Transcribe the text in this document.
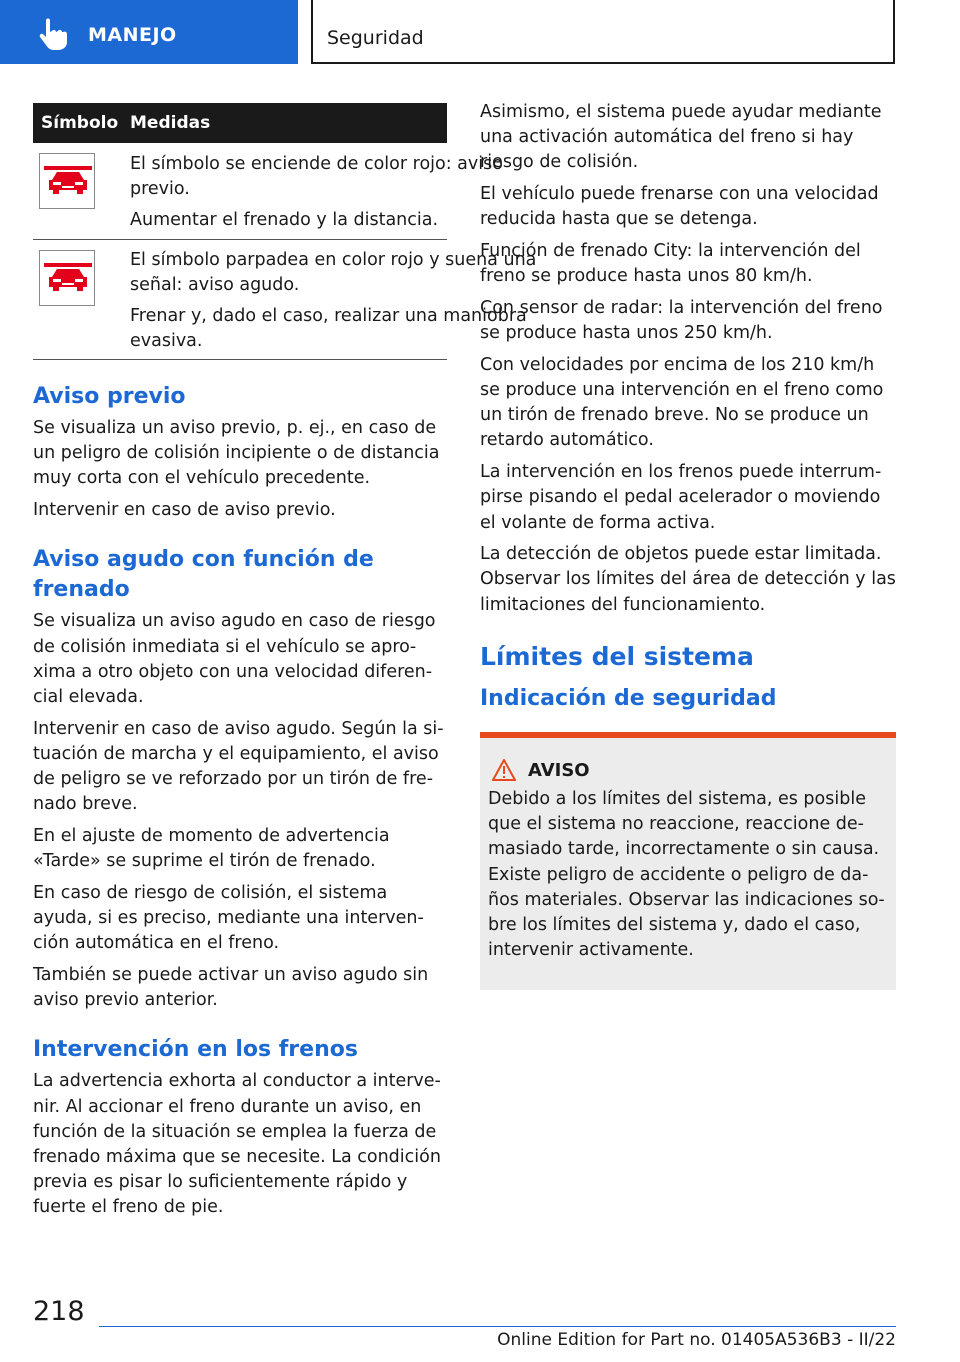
MANEJO	Seguridad
Símbolo Medidas

El símbolo se enciende de color rojo: aviso previo.

Aumentar el frenado y la distancia.

El símbolo parpadea en color rojo y suena una señal: aviso agudo.

Frenar y, dado el caso, realizar una maniobra evasiva.

Aviso previo

Se visualiza un aviso previo, p. ej., en caso de un peligro de colisión incipiente o de distancia muy corta con el vehículo precedente.

Intervenir en caso de aviso previo.

Aviso agudo con función de frenado

Se visualiza un aviso agudo en caso de riesgo de colisión inmediata si el vehículo se aproxima a otro objeto con una velocidad diferencial elevada.

Intervenir en caso de aviso agudo. Según la situación de marcha y el equipamiento, el aviso de peligro se ve reforzado por un tirón de frenado breve.

En el ajuste de momento de advertencia «Tarde» se suprime el tirón de frenado.

En caso de riesgo de colisión, el sistema ayuda, si es preciso, mediante una intervención automática en el freno.

También se puede activar un aviso agudo sin aviso previo anterior.

Intervención en los frenos

La advertencia exhorta al conductor a intervenir. Al accionar el freno durante un aviso, en función de la situación se emplea la fuerza de frenado máxima que se necesite. La condición previa es pisar lo suficientemente rápido y fuerte el freno de pie.

Asimismo, el sistema puede ayudar mediante una activación automática del freno si hay riesgo de colisión.

El vehículo puede frenarse con una velocidad reducida hasta que se detenga.

Función de frenado City: la intervención del freno se produce hasta unos 80 km/h.

Con sensor de radar: la intervención del freno se produce hasta unos 250 km/h.

Con velocidades por encima de los 210 km/h se produce una intervención en el freno como un tirón de frenado breve. No se produce un retardo automático.

La intervención en los frenos puede interrumpirse pisando el pedal acelerador o moviendo el volante de forma activa.

La detección de objetos puede estar limitada. Observar los límites del área de detección y las limitaciones del funcionamiento.

Límites del sistema
Indicación de seguridad
AVISO

Debido a los límites del sistema, es posible que el sistema no reaccione, reaccione demasiado tarde, incorrectamente o sin causa. Existe peligro de accidente o peligro de daños materiales. Observar las indicaciones sobre los límites del sistema y, dado el caso, intervenir activamente.

218
Online Edition for Part no. 01405A536B3 - II/22
